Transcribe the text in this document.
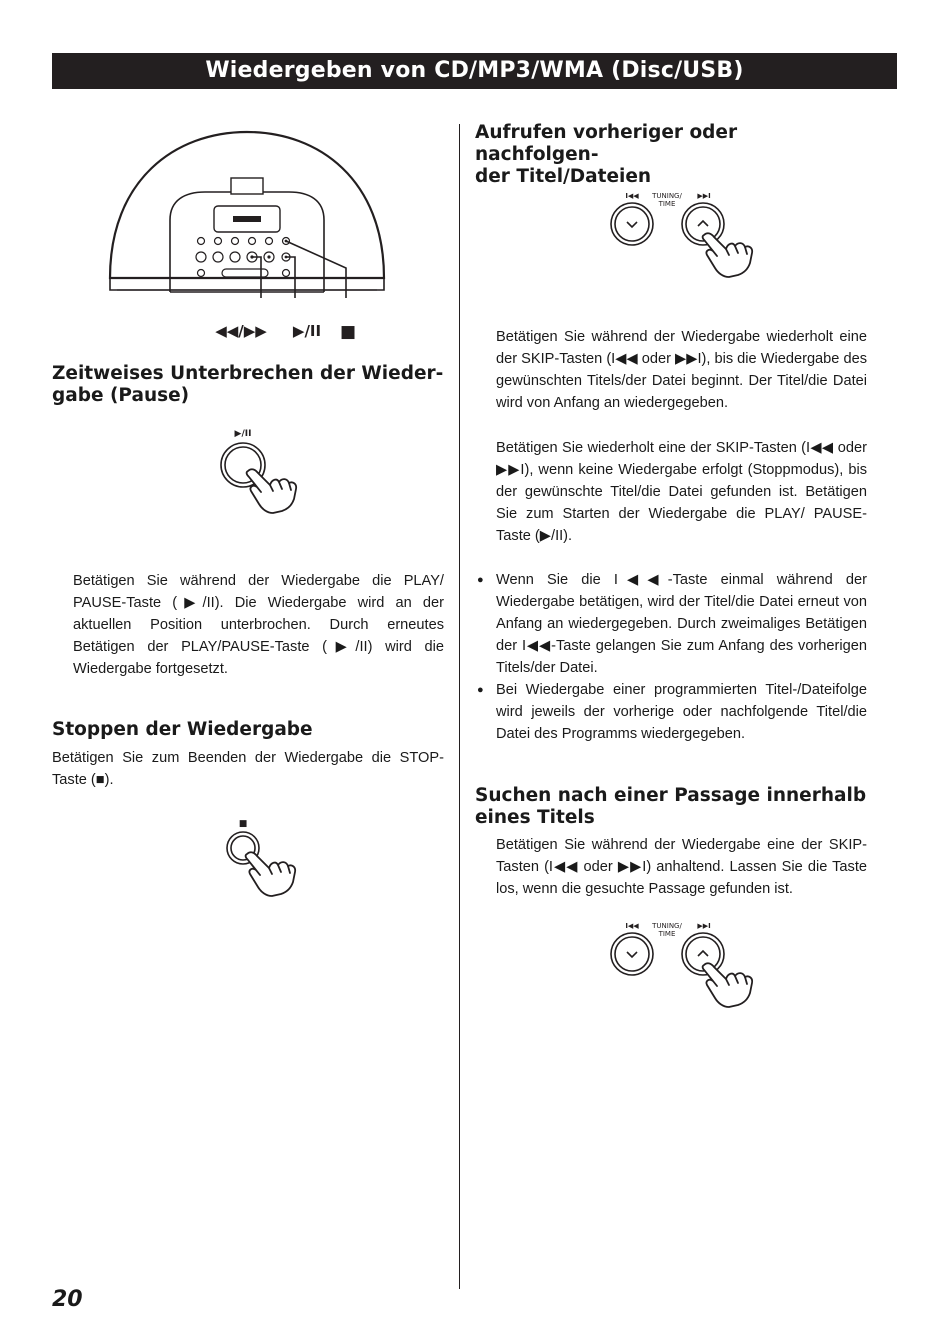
Wiedergeben von CD/MP3/WMA (Disc/USB)
◀◀/▶▶ ▶/II ■
Zeitweises Unterbrechen der Wieder-
gabe (Pause)
▶/II

Betätigen Sie während der Wiedergabe die PLAY/ PAUSE-Taste (▶/II). Die Wiedergabe wird an der aktuellen Position unterbrochen. Durch erneutes Betätigen der PLAY/PAUSE-Taste (▶/II) wird die Wiedergabe fortgesetzt.

Stoppen der Wiedergabe

Betätigen Sie zum Beenden der Wiedergabe die STOP-Taste (■).

■
Aufrufen vorheriger oder nachfolgen-
der Titel/Dateien
I◀◀ TUNING/
TIME
▶▶I

Betätigen Sie während der Wiedergabe wiederholt eine der SKIP-Tasten (I◀◀ oder ▶▶I), bis die Wiedergabe des gewünschten Titels/der Datei beginnt. Der Titel/die Datei wird von Anfang an wiedergegeben.

Betätigen Sie wiederholt eine der SKIP-Tasten (I◀◀ oder ▶▶I), wenn keine Wiedergabe erfolgt (Stoppmodus), bis der gewünschte Titel/die Datei gefunden ist. Betätigen Sie zum Starten der Wiedergabe die PLAY/ PAUSE-Taste (▶/II).

● Wenn Sie die I◀◀-Taste einmal während der Wiedergabe betätigen, wird der Titel/die Datei erneut von Anfang an wiedergegeben. Durch zweimaliges Betätigen der I◀◀-Taste gelangen Sie zum Anfang des vorherigen Titels/der Datei.
● Bei Wiedergabe einer programmierten Titel-/Dateifolge wird jeweils der vorherige oder nachfolgende Titel/die Datei des Programms wiedergegeben.
Suchen nach einer Passage innerhalb
eines Titels

Betätigen Sie während der Wiedergabe eine der SKIP-Tasten (I◀◀ oder ▶▶I) anhaltend. Lassen Sie die Taste los, wenn die gesuchte Passage gefunden ist.

I◀◀ TUNING/
TIME
▶▶I
20
